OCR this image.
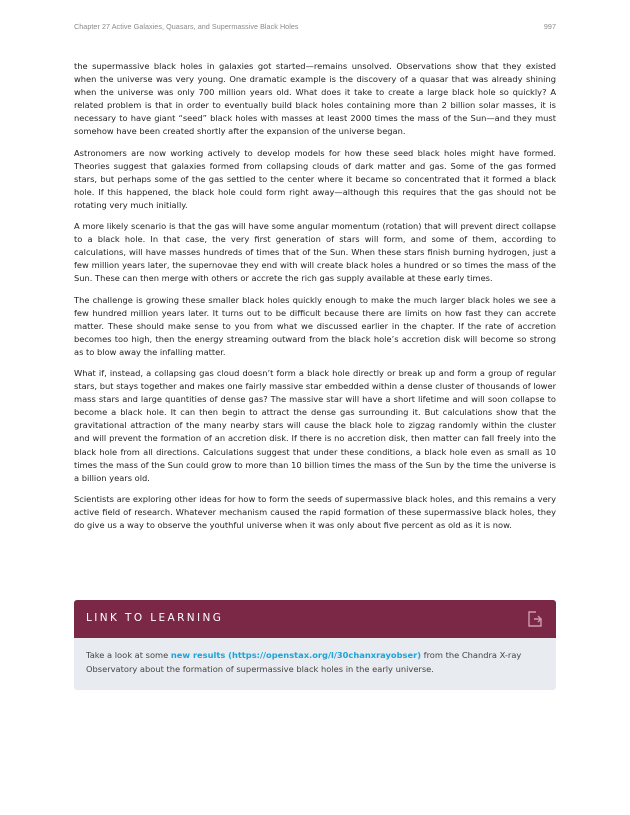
Chapter 27 Active Galaxies, Quasars, and Supermassive Black Holes	997

the supermassive black holes in galaxies got started—remains unsolved. Observations show that they existed when the universe was very young. One dramatic example is the discovery of a quasar that was already shining when the universe was only 700 million years old. What does it take to create a large black hole so quickly? A related problem is that in order to eventually build black holes containing more than 2 billion solar masses, it is necessary to have giant “seed” black holes with masses at least 2000 times the mass of the Sun—and they must somehow have been created shortly after the expansion of the universe began.

Astronomers are now working actively to develop models for how these seed black holes might have formed. Theories suggest that galaxies formed from collapsing clouds of dark matter and gas. Some of the gas formed stars, but perhaps some of the gas settled to the center where it became so concentrated that it formed a black hole. If this happened, the black hole could form right away—although this requires that the gas should not be rotating very much initially.

A more likely scenario is that the gas will have some angular momentum (rotation) that will prevent direct collapse to a black hole. In that case, the very first generation of stars will form, and some of them, according to calculations, will have masses hundreds of times that of the Sun. When these stars finish burning hydrogen, just a few million years later, the supernovae they end with will create black holes a hundred or so times the mass of the Sun. These can then merge with others or accrete the rich gas supply available at these early times.

The challenge is growing these smaller black holes quickly enough to make the much larger black holes we see a few hundred million years later. It turns out to be difficult because there are limits on how fast they can accrete matter. These should make sense to you from what we discussed earlier in the chapter. If the rate of accretion becomes too high, then the energy streaming outward from the black hole’s accretion disk will become so strong as to blow away the infalling matter.

What if, instead, a collapsing gas cloud doesn’t form a black hole directly or break up and form a group of regular stars, but stays together and makes one fairly massive star embedded within a dense cluster of thousands of lower mass stars and large quantities of dense gas? The massive star will have a short lifetime and will soon collapse to become a black hole. It can then begin to attract the dense gas surrounding it. But calculations show that the gravitational attraction of the many nearby stars will cause the black hole to zigzag randomly within the cluster and will prevent the formation of an accretion disk. If there is no accretion disk, then matter can fall freely into the black hole from all directions. Calculations suggest that under these conditions, a black hole even as small as 10 times the mass of the Sun could grow to more than 10 billion times the mass of the Sun by the time the universe is a billion years old.

Scientists are exploring other ideas for how to form the seeds of supermassive black holes, and this remains a very active field of research. Whatever mechanism caused the rapid formation of these supermassive black holes, they do give us a way to observe the youthful universe when it was only about five percent as old as it is now.

LINK TO LEARNING
Take a look at some new results (https://openstax.org/l/30chanxrayobser) from the Chandra X-ray Observatory about the formation of supermassive black holes in the early universe.
